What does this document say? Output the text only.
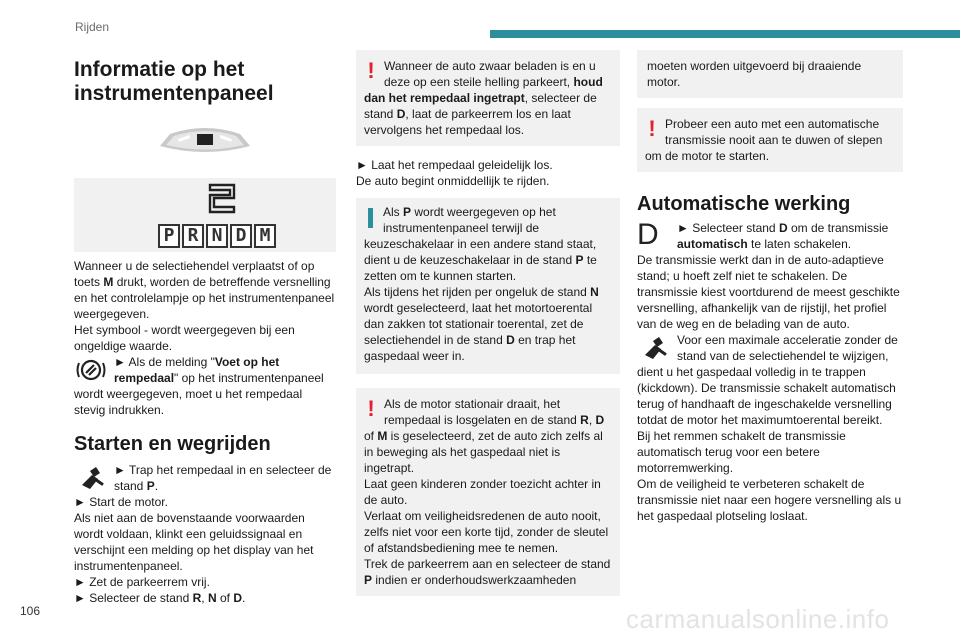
Rijden
Informatie op het instrumentenpaneel
P R N D M

Wanneer u de selectiehendel verplaatst of op toets M drukt, worden de betreffende versnelling en het controlelampje op het instrumentenpaneel weergegeven.

Het symbool - wordt weergegeven bij een ongeldige waarde.

► Als de melding "Voet op het rempedaal" op het instrumentenpaneel wordt weergegeven, moet u het rempedaal stevig indrukken.
Starten en wegrijden
► Trap het rempedaal in en selecteer de stand P.

► Start de motor.

Als niet aan de bovenstaande voorwaarden wordt voldaan, klinkt een geluidssignaal en verschijnt een melding op het display van het instrumentenpaneel.

► Zet de parkeerrem vrij.

► Selecteer de stand R, N of D.

! Wanneer de auto zwaar beladen is en u deze op een steile helling parkeert, houd dan het rempedaal ingetrapt, selecteer de stand D, laat de parkeerrem los en laat vervolgens het rempedaal los.

► Laat het rempedaal geleidelijk los.

De auto begint onmiddellijk te rijden.

Als P wordt weergegeven op het instrumentenpaneel terwijl de keuzeschakelaar in een andere stand staat, dient u de keuzeschakelaar in de stand P te zetten om te kunnen starten.
Als tijdens het rijden per ongeluk de stand N wordt geselecteerd, laat het motortoerental dan zakken tot stationair toerental, zet de selectiehendel in de stand D en trap het gaspedaal weer in.
! Als de motor stationair draait, het rempedaal is losgelaten en de stand R, D of M is geselecteerd, zet de auto zich zelfs al in beweging als het gaspedaal niet is ingetrapt.
Laat geen kinderen zonder toezicht achter in de auto.
Verlaat om veiligheidsredenen de auto nooit, zelfs niet voor een korte tijd, zonder de sleutel of afstandsbediening mee te nemen.
Trek de parkeerrem aan en selecteer de stand P indien er onderhoudswerkzaamheden
moeten worden uitgevoerd bij draaiende motor.
! Probeer een auto met een automatische transmissie nooit aan te duwen of slepen om de motor te starten.
Automatische werking
D	► Selecteer stand D om de transmissie automatisch te laten schakelen.

De transmissie werkt dan in de auto-adaptieve stand; u hoeft zelf niet te schakelen. De transmissie kiest voortdurend de meest geschikte versnelling, afhankelijk van de rijstijl, het profiel van de weg en de belading van de auto.

Voor een maximale acceleratie zonder de stand van de selectiehendel te wijzigen, dient u het gaspedaal volledig in te trappen (kickdown). De transmissie schakelt automatisch terug of handhaaft de ingeschakelde versnelling totdat de motor het maximumtoerental bereikt.

Bij het remmen schakelt de transmissie automatisch terug voor een betere motorremwerking.

Om de veiligheid te verbeteren schakelt de transmissie niet naar een hogere versnelling als u het gaspedaal plotseling loslaat.

106	carmanualsonline.info
